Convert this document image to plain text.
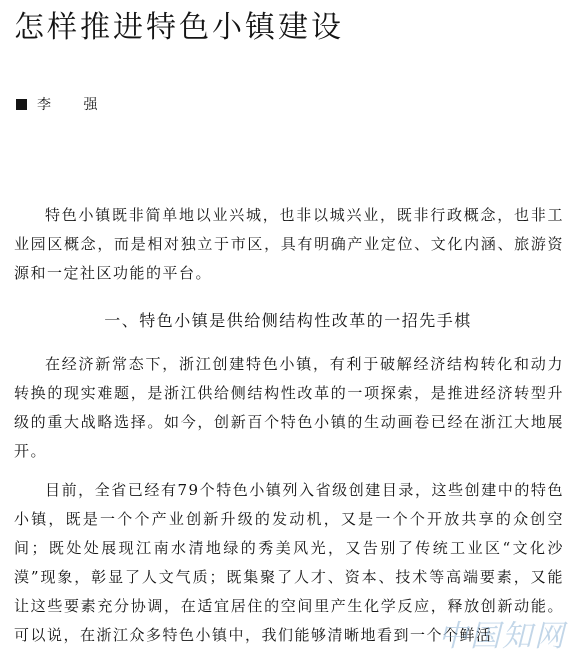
怎样推进特色小镇建设
李 强

特色小镇既非简单地以业兴城，也非以城兴业，既非行政概念，也非工业园区概念，而是相对独立于市区，具有明确产业定位、文化内涵、旅游资源和一定社区功能的平台。

一、特色小镇是供给侧结构性改革的一招先手棋

在经济新常态下，浙江创建特色小镇，有利于破解经济结构转化和动力转换的现实难题，是浙江供给侧结构性改革的一项探索，是推进经济转型升级的重大战略选择。如今，创新百个特色小镇的生动画卷已经在浙江大地展开。

目前，全省已经有79个特色小镇列入省级创建目录，这些创建中的特色小镇，既是一个个产业创新升级的发动机，又是一个个开放共享的众创空间；既处处展现江南水清地绿的秀美风光，又告别了传统工业区“文化沙漠”现象，彰显了人文气质；既集聚了人才、资本、技术等高端要素，又能让这些要素充分协调，在适宜居住的空间里产生化学反应，释放创新动能。可以说，在浙江众多特色小镇中，我们能够清晰地看到一个个鲜活

中国知网
